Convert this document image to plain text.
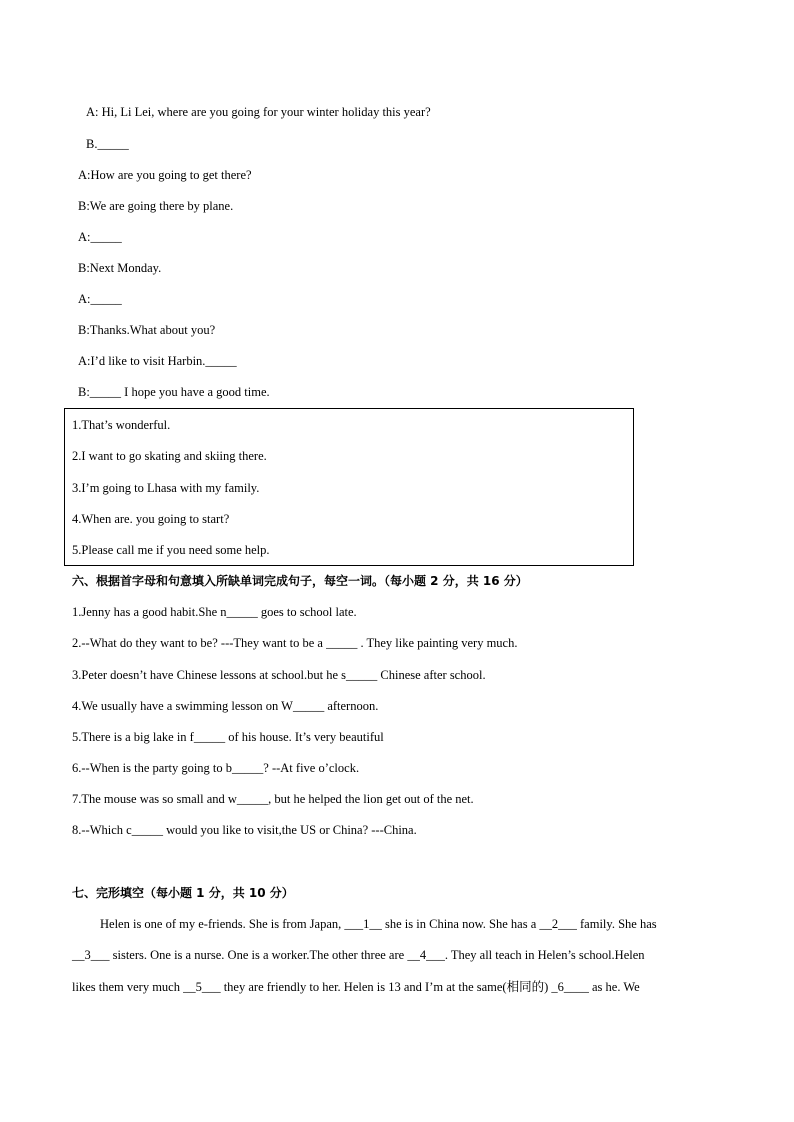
A: Hi, Li Lei, where are you going for your winter holiday this year?
B._____
A:How are you going to get there?
B:We are going there by plane.
A:_____
B:Next Monday.
A:_____
B:Thanks.What about you?
A:I’d like to visit Harbin._____
B:_____ I hope you have a good time.
1.That’s wonderful.
2.I want to go skating and skiing there.
3.I’m going to Lhasa with my family.
4.When are. you going to start?
5.Please call me if you need some help.
六、根据首字母和句意填入所缺单词完成句子，每空一词。（每小题 2 分，共 16 分）
1.Jenny has a good habit.She n_____ goes to school late.
2.--What do they want to be? ---They want to be a _____ . They like painting very much.
3.Peter doesn’t have Chinese lessons at school.but he s_____ Chinese after school.
4.We usually have a swimming lesson on W_____ afternoon.
5.There is a big lake in f_____ of his house. It’s very beautiful
6.--When is the party going to b_____? --At five o’clock.
7.The mouse was so small and w_____, but he helped the lion get out of the net.
8.--Which c_____ would you like to visit,the US or China? ---China.
七、完形填空（每小题 1 分，共 10 分）
Helen is one of my e-friends. She is from Japan, ___1__ she is in China now. She has a __2___ family. She has
__3___ sisters. One is a nurse. One is a worker.The other three are __4___. They all teach in Helen’s school.Helen
likes them very much __5___ they are friendly to her. Helen is 13 and I’m at the same(相同的) _6____ as he. We
